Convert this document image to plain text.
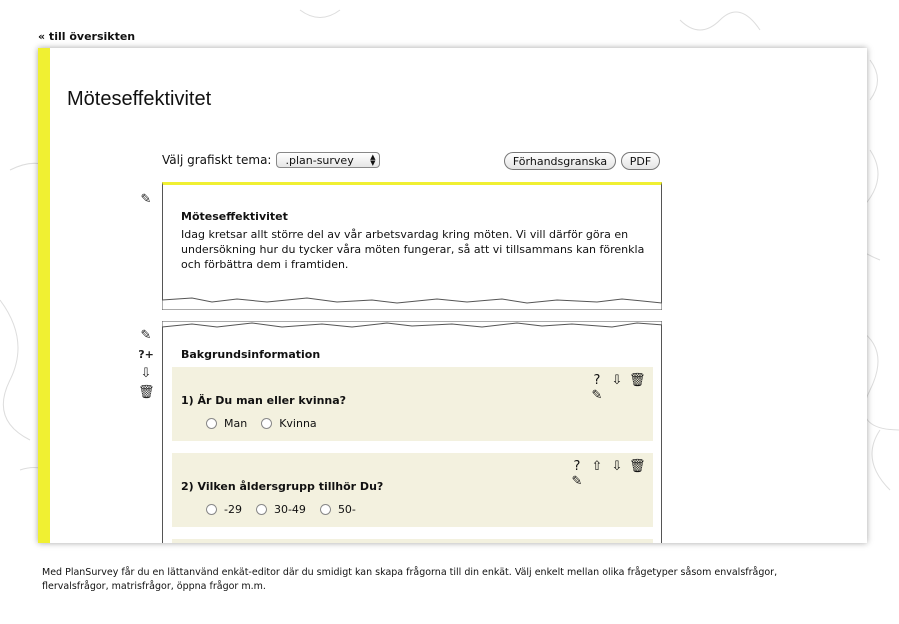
« till översikten
Möteseffektivitet
Välj grafiskt tema: .plan-survey ▲
▼	Förhandsgranska	PDF
✎
Möteseffektivitet
Idag kretsar allt större del av vår arbetsvardag kring möten. Vi vill därför göra en undersökning hur du tycker våra möten fungerar, så att vi tillsammans kan förenkla och förbättra dem i framtiden.
✎
?+
⇩
🗑
Bakgrundsinformation
?✎
⇩ 🗑
1) Är Du man eller kvinna?
Man	Kvinna
?✎
⇧ ⇩ 🗑
2) Vilken åldersgrupp tillhör Du?
-29	30-49	50-
Med PlanSurvey får du en lättanvänd enkät-editor där du smidigt kan skapa frågorna till din enkät. Välj enkelt mellan olika frågetyper såsom envalsfrågor, flervalsfrågor, matrisfrågor, öppna frågor m.m.
